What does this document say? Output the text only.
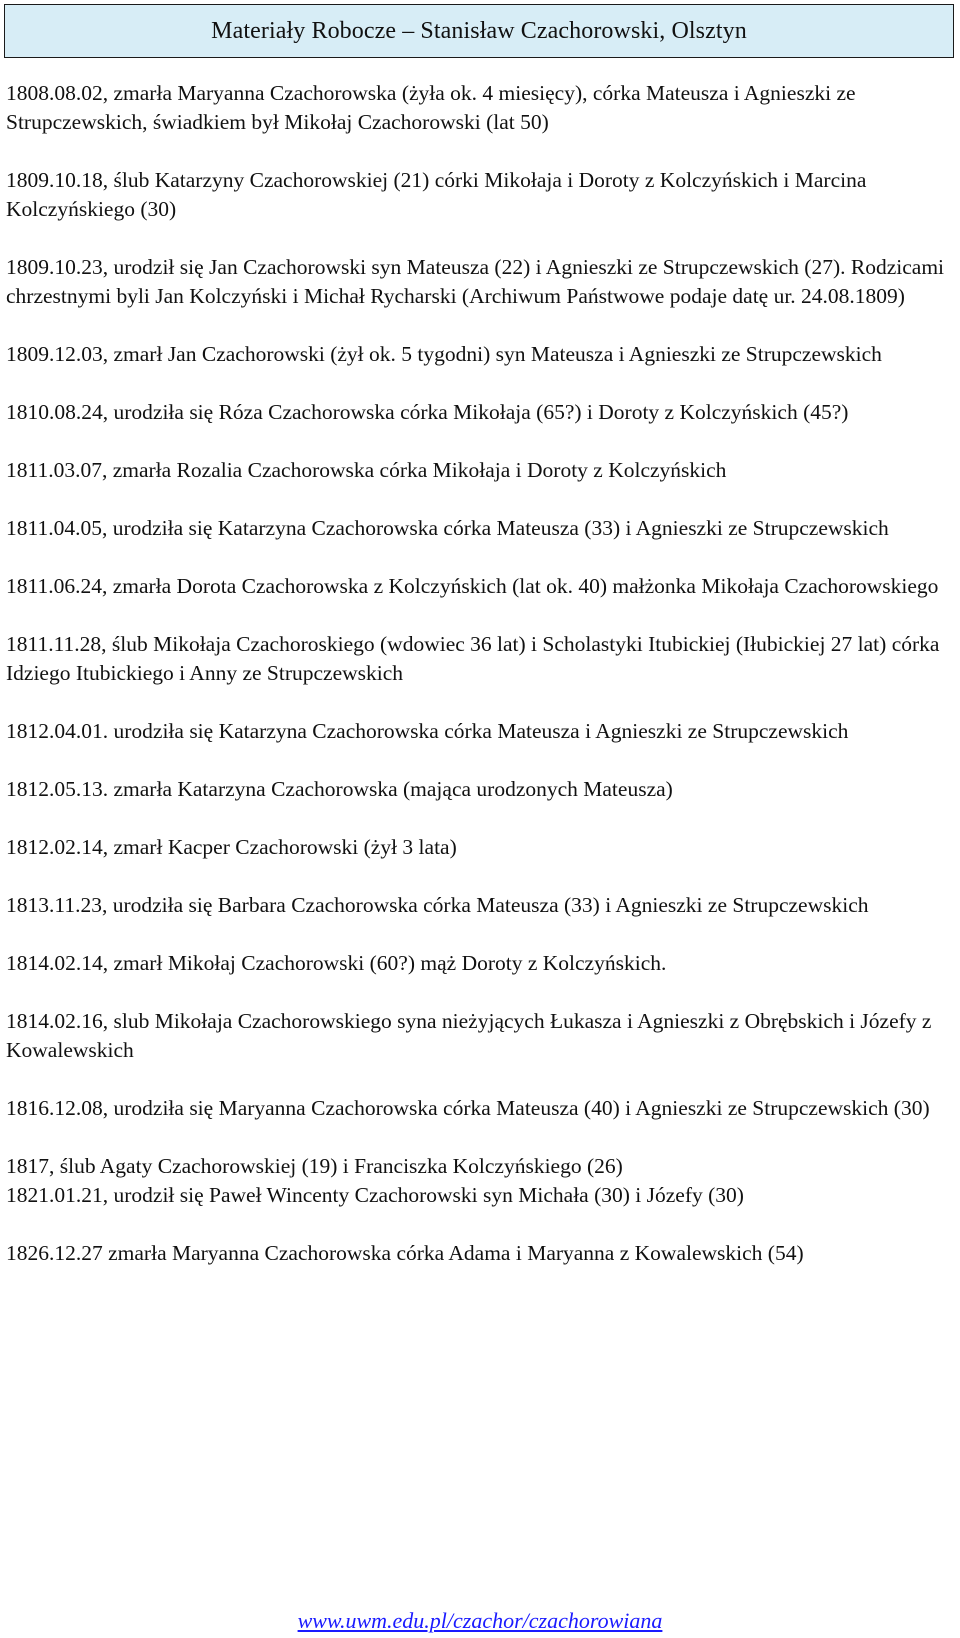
Materiały Robocze – Stanisław Czachorowski, Olsztyn

1808.08.02, zmarła Maryanna Czachorowska (żyła ok. 4 miesięcy), córka Mateusza i Agnieszki ze Strupczewskich, świadkiem był Mikołaj Czachorowski (lat 50)

1809.10.18, ślub Katarzyny Czachorowskiej (21) córki Mikołaja i Doroty z Kolczyńskich i Marcina Kolczyńskiego (30)

1809.10.23, urodził się Jan Czachorowski syn Mateusza (22) i Agnieszki ze Strupczewskich (27). Rodzicami chrzestnymi byli Jan Kolczyński i Michał Rycharski (Archiwum Państwowe podaje datę ur. 24.08.1809)

1809.12.03, zmarł Jan Czachorowski (żył ok. 5 tygodni) syn Mateusza i Agnieszki ze Strupczewskich

1810.08.24, urodziła się Róza Czachorowska córka Mikołaja (65?) i Doroty z Kolczyńskich (45?)

1811.03.07, zmarła Rozalia Czachorowska córka Mikołaja i Doroty z Kolczyńskich

1811.04.05, urodziła się Katarzyna Czachorowska córka Mateusza (33) i Agnieszki ze Strupczewskich

1811.06.24, zmarła Dorota Czachorowska z Kolczyńskich (lat ok. 40) małżonka Mikołaja Czachorowskiego

1811.11.28, ślub Mikołaja Czachoroskiego (wdowiec 36 lat) i Scholastyki Itubickiej (Iłubickiej 27 lat) córka Idziego Itubickiego i Anny ze Strupczewskich

1812.04.01. urodziła się Katarzyna Czachorowska córka Mateusza i Agnieszki ze Strupczewskich

1812.05.13. zmarła Katarzyna Czachorowska (mająca urodzonych Mateusza)

1812.02.14, zmarł Kacper Czachorowski (żył 3 lata)

1813.11.23, urodziła się Barbara Czachorowska córka Mateusza (33) i Agnieszki ze Strupczewskich

1814.02.14, zmarł Mikołaj Czachorowski (60?) mąż Doroty z Kolczyńskich.

1814.02.16, slub Mikołaja Czachorowskiego syna nieżyjących Łukasza i Agnieszki z Obrębskich i Józefy z Kowalewskich

1816.12.08, urodziła się Maryanna Czachorowska córka Mateusza (40) i Agnieszki ze Strupczewskich (30)

1817, ślub Agaty Czachorowskiej (19) i Franciszka Kolczyńskiego (26)

1821.01.21, urodził się Paweł Wincenty Czachorowski syn Michała (30) i Józefy (30)

1826.12.27 zmarła Maryanna Czachorowska córka Adama i Maryanna z Kowalewskich (54)

www.uwm.edu.pl/czachor/czachorowiana
